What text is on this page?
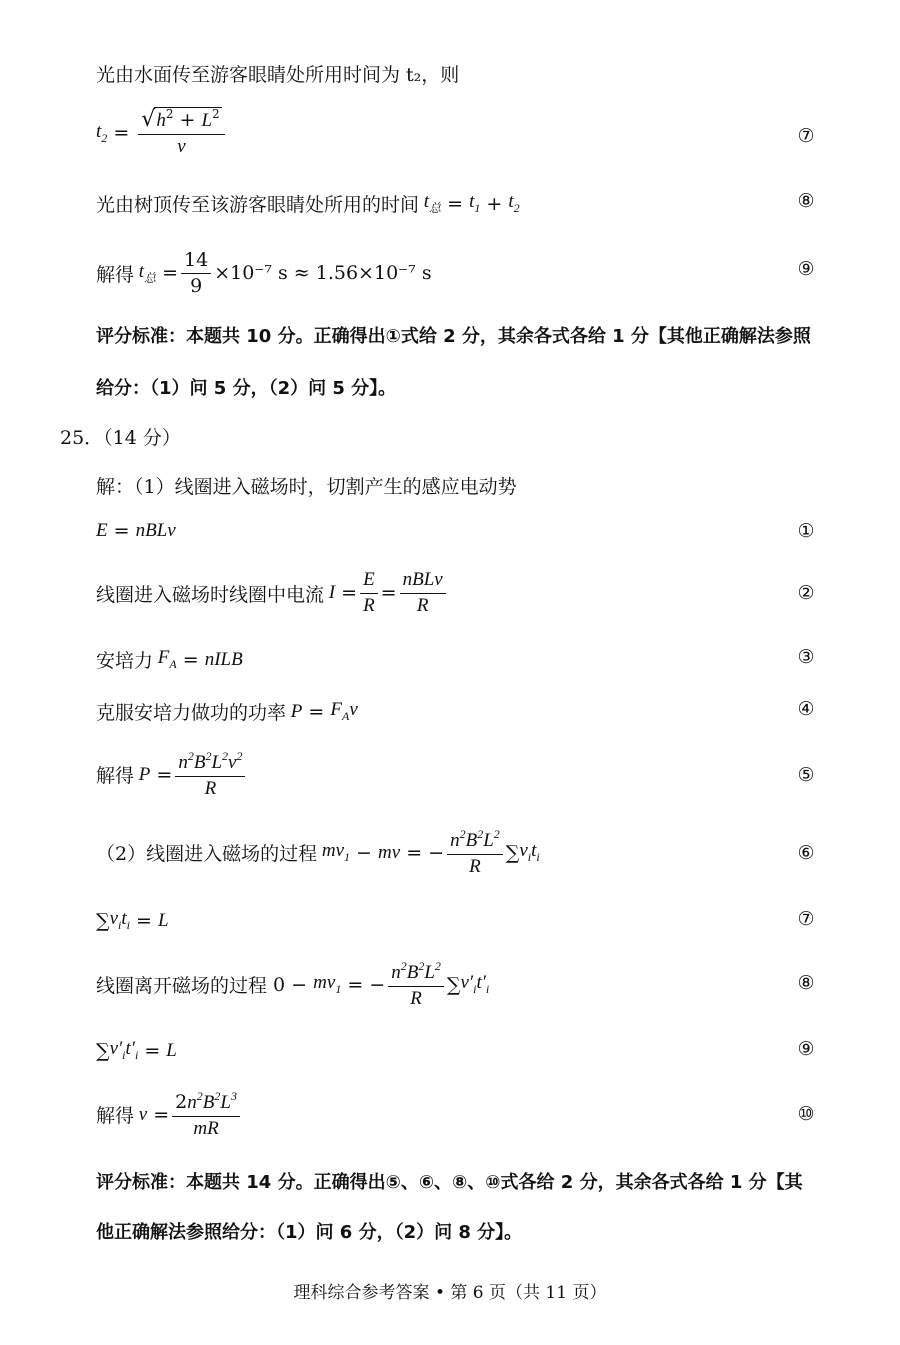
光由水面传至游客眼睛处所用时间为 t₂，则
$t_2 = \frac{√h^2 + L^2}{v}$	⑦
光由树顶传至该游客眼睛处所用的时间 $t_总 = t_1 + t_2$	⑧
解得 $t_总 = \frac{14}{9} \times 10^{-7}$ s ≈ 1.56×10⁻⁷ s	⑨
评分标准：本题共 10 分。正确得出①式给 2 分，其余各式各给 1 分【其他正确解法参照
给分：（1）问 5 分，（2）问 5 分】。
25．（14 分）
解：（1）线圈进入磁场时，切割产生的感应电动势
E = nBLv	①
线圈进入磁场时线圈中电流 $I = \frac{E}{R} = \frac{\text{nBLv}}{R}$	②
安培力 $F_A$ = nILB	③
克服安培力做功的功率 $P = F_Av$	④
解得 $P = \frac{n^2B^2L^2v^2}{R}$	⑤
（2）线圈进入磁场的过程 $mv_1$ − mv = − $\frac{n^2B^2L^2}{R}$ ∑ $v_it_i$	⑥
∑ $v_it_i = L$	⑦
线圈离开磁场的过程 $0 - mv_1$ = − $\frac{n^2B^2L^2}{R}$ ∑ $v'_it'_i$	⑧
∑ $v'_it'_i = L$	⑨
解得 $v = \frac{2n^2B^2L^3}{mR}$	⑩
评分标准：本题共 14 分。正确得出⑤、⑥、⑧、⑩式各给 2 分，其余各式各给 1 分【其
他正确解法参照给分：（1）问 6 分，（2）问 8 分】。
理科综合参考答案 • 第 6 页（共 11 页）
